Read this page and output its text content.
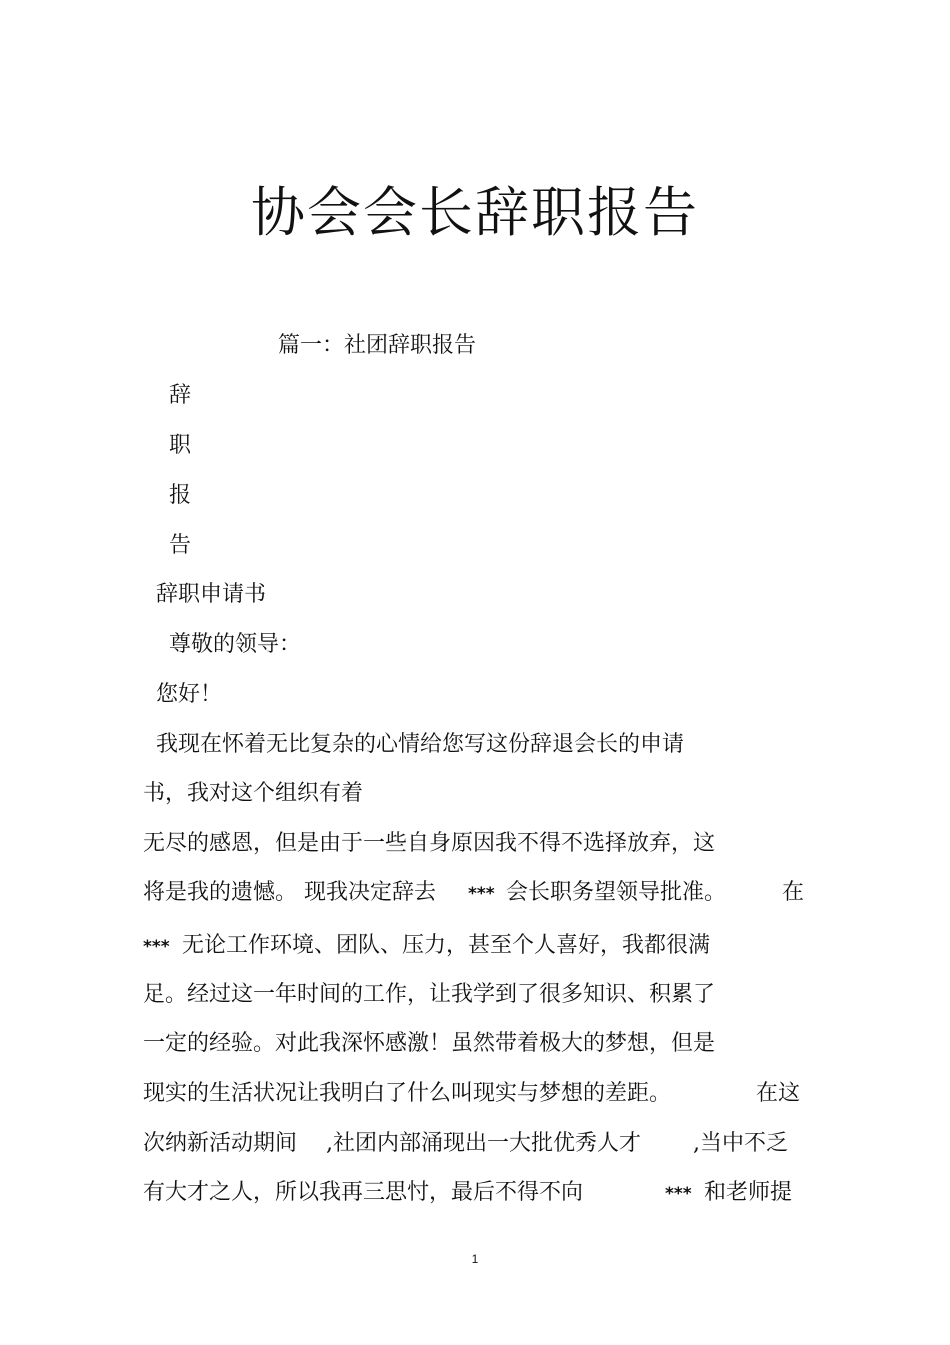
协会会长辞职报告
篇一：社团辞职报告
辞
职
报
告
辞职申请书
尊敬的领导：
您好！
我现在怀着无比复杂的心情给您写这份辞退会长的申请
书，我对这个组织有着
无尽的感恩，但是由于一些自身原因我不得不选择放弃，这
将是我的遗憾。 现我决定辞去 *** 会长职务望领导批准。	在
*** 无论工作环境、团队、压力，甚至个人喜好，我都很满
足。经过这一年时间的工作，让我学到了很多知识、积累了
一定的经验。对此我深怀感激！虽然带着极大的梦想，但是
现实的生活状况让我明白了什么叫现实与梦想的差距。	在这
次纳新活动期间 ,社团内部涌现出一大批优秀人才 ,当中不乏
有大才之人，所以我再三思忖，最后不得不向	*** 和老师提
1
